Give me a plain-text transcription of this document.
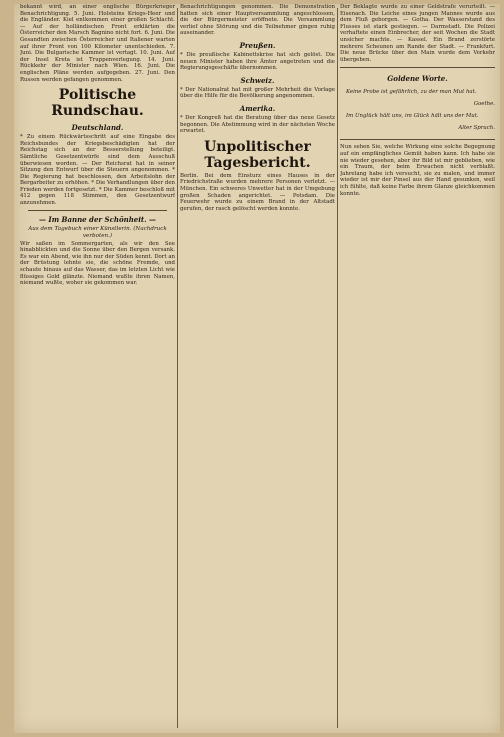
bekannt wird, an einer englische Bürgerkrieger Benachrichtigung. 5. Juni. Holsteins Kriegs-Heer und die Engländer. Kiel entkommen einer großen Schlacht. — Auf der holländischen Front erklärten die Österreicher den Marsch Bagnino nicht fort. 6. Juni. Die Gesandten zwischen Österreicher und Italiener warten auf ihrer Front von 100 Kilometer unentschieden. 7. Juni. Die Bulgarische Kammer ist vertagt. 10. Juni. Auf der Insel Kreta ist Truppenverlegung. 14. Juni. Rückkehr der Minister nach Wien. 16. Juni. Die englischen Pläne werden aufgegeben. 27. Juni. Den Russen werden gefangen genommen.

Politische Rundschau.
Deutschland.

* Zu einem Rückwärtsschritt auf eine Eingabe des Reichsbundes der Kriegsbeschädigten hat der Reichstag sich an der Besserstellung beteiligt. Sämtliche Gesetzentwürfe sind dem Ausschuß überwiesen worden. — Der Reichsrat hat in seiner Sitzung den Entwurf über die Steuern angenommen. * Die Regierung hat beschlossen, den Arbeitslohn der Bergarbeiter zu erhöhen. * Die Verhandlungen über den Frieden werden fortgesetzt. * Die Kammer beschloß mit 412 gegen 118 Stimmen, den Gesetzentwurf anzunehmen.

— Im Banne der Schönheit. —
Aus dem Tagebuch einer Künstlerin. (Nachdruck verboten.)

Wir saßen im Sommergarten, als wir den See hinabblickten und die Sonne über den Bergen versank. Es war ein Abend, wie ihn nur der Süden kennt. Dort an der Brüstung lehnte sie, die schöne Fremde, und schaute hinaus auf das Wasser, das im letzten Licht wie flüssiges Gold glänzte. Niemand wußte ihren Namen, niemand wußte, woher sie gekommen war.

Benachrichtigungen genommen. Die Demonstration hatten sich einer Hauptversammlung angeschlossen, die der Bürgermeister eröffnete. Die Versammlung verlief ohne Störung und die Teilnehmer gingen ruhig auseinander.

Preußen.

* Die preußische Kabinettskrise hat sich gelöst. Die neuen Minister haben ihre Ämter angetreten und die Regierungsgeschäfte übernommen.

Schweiz.

* Der Nationalrat hat mit großer Mehrheit die Vorlage über die Hilfe für die Bevölkerung angenommen.

Amerika.

* Der Kongreß hat die Beratung über das neue Gesetz begonnen. Die Abstimmung wird in der nächsten Woche erwartet.

Unpolitischer Tagesbericht.

Berlin. Bei dem Einsturz eines Hauses in der Friedrichstraße wurden mehrere Personen verletzt. — München. Ein schweres Unwetter hat in der Umgebung großen Schaden angerichtet. — Potsdam. Die Feuerwehr wurde zu einem Brand in der Altstadt gerufen, der rasch gelöscht werden konnte.

Der Beklagte wurde zu einer Geldstrafe verurteilt. — Eisenach. Die Leiche eines jungen Mannes wurde aus dem Fluß geborgen. — Gotha. Der Wasserstand des Flusses ist stark gestiegen. — Darmstadt. Die Polizei verhaftete einen Einbrecher, der seit Wochen die Stadt unsicher machte. — Kassel. Ein Brand zerstörte mehrere Scheunen am Rande der Stadt. — Frankfurt. Die neue Brücke über den Main wurde dem Verkehr übergeben.

Goldene Worte.

Keine Probe ist gefährlich, zu der man Mut hat.

Goethe.

Im Unglück hält uns, im Glück hält uns der Mut.

Alter Spruch.

Nun sehen Sie, welche Wirkung eine solche Begegnung auf ein empfängliches Gemüt haben kann. Ich habe sie nie wieder gesehen, aber ihr Bild ist mir geblieben, wie ein Traum, der beim Erwachen nicht verblaßt. Jahrelang habe ich versucht, sie zu malen, und immer wieder ist mir der Pinsel aus der Hand gesunken, weil ich fühlte, daß keine Farbe ihrem Glanze gleichkommen konnte.
